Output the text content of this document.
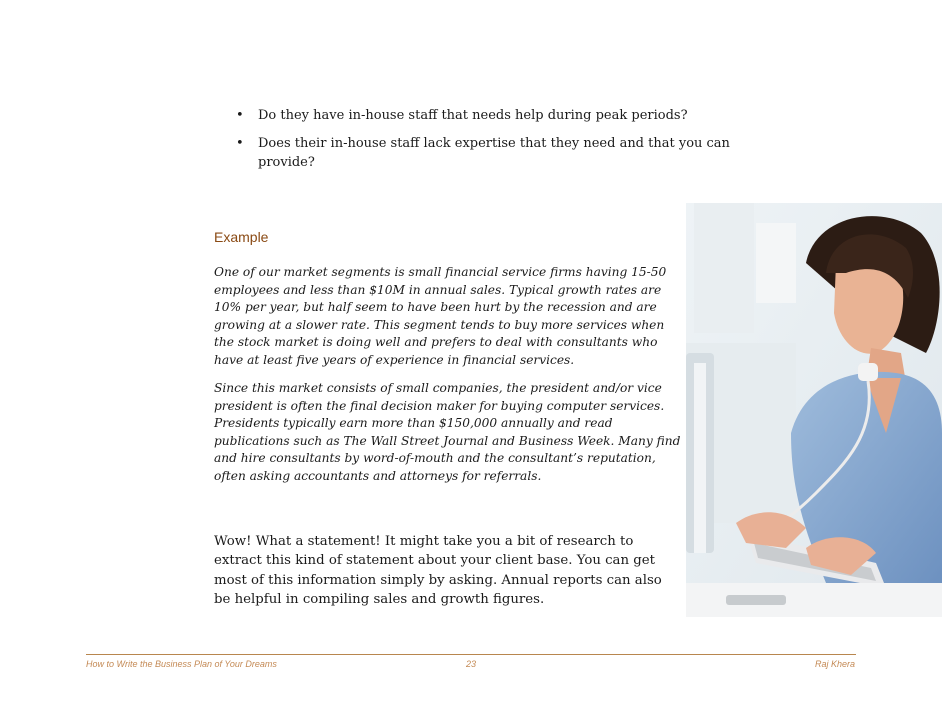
• Do they have in-house staff that needs help during peak periods?
• Does their in-house staff lack expertise that they need and that you can provide?
Example
One of our market segments is small financial service firms having 15-50 employees and less than $10M in annual sales. Typical growth rates are 10% per year, but half seem to have been hurt by the recession and are growing at a slower rate. This segment tends to buy more services when the stock market is doing well and prefers to deal with consultants who have at least five years of experience in financial services.
Since this market consists of small companies, the president and/or vice president is often the final decision maker for buying computer services. Presidents typically earn more than $150,000 annually and read publications such as The Wall Street Journal and Business Week. Many find and hire consultants by word-of-mouth and the consultant’s reputation, often asking accountants and attorneys for referrals.
Wow! What a statement! It might take you a bit of research to extract this kind of statement about your client base. You can get most of this information simply by asking. Annual reports can also be helpful in compiling sales and growth figures.
How to Write the Business Plan of Your Dreams	23	Raj Khera
